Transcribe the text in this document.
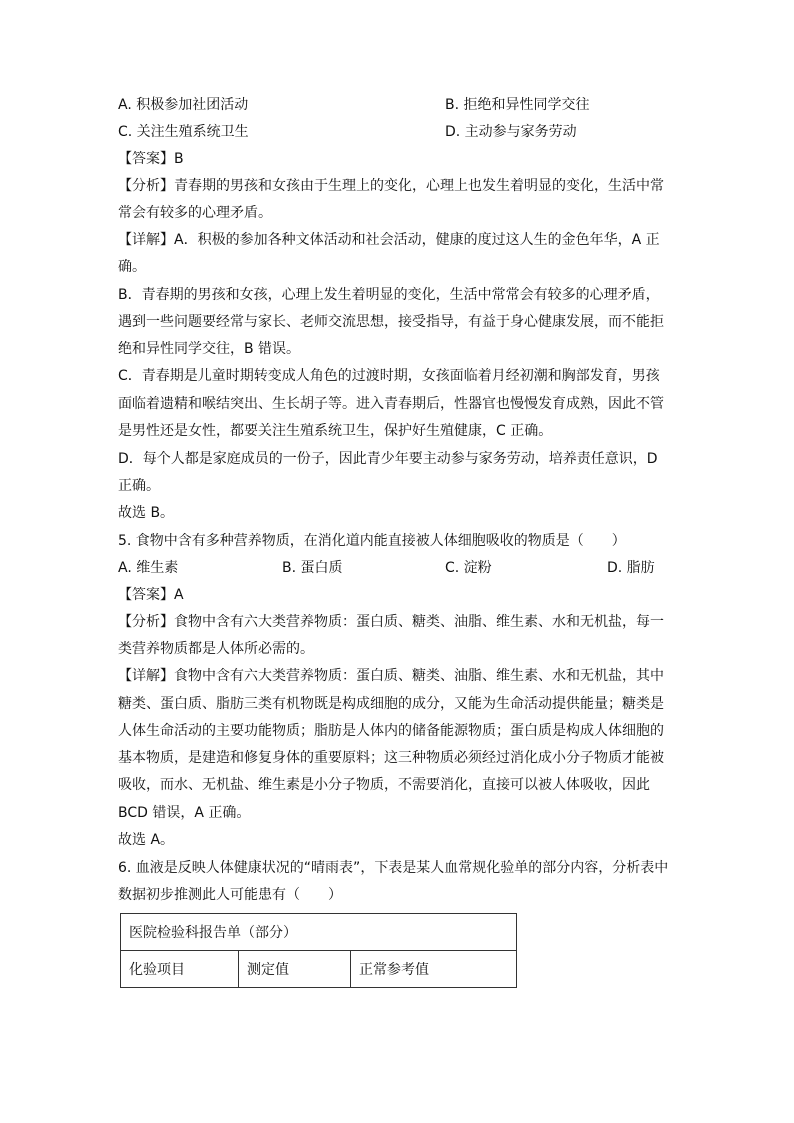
A. 积极参加社团活动	B. 拒绝和异性同学交往
C. 关注生殖系统卫生	D. 主动参与家务劳动
【答案】B
【分析】青春期的男孩和女孩由于生理上的变化，心理上也发生着明显的变化，生活中常
常会有较多的心理矛盾。
【详解】A．积极的参加各种文体活动和社会活动，健康的度过这人生的金色年华，A 正
确。
B．青春期的男孩和女孩，心理上发生着明显的变化，生活中常常会有较多的心理矛盾，
遇到一些问题要经常与家长、老师交流思想，接受指导，有益于身心健康发展，而不能拒
绝和异性同学交往，B 错误。
C．青春期是儿童时期转变成人角色的过渡时期，女孩面临着月经初潮和胸部发育，男孩
面临着遗精和喉结突出、生长胡子等。进入青春期后，性器官也慢慢发育成熟，因此不管
是男性还是女性，都要关注生殖系统卫生，保护好生殖健康，C 正确。
D．每个人都是家庭成员的一份子，因此青少年要主动参与家务劳动，培养责任意识，D
正确。
故选 B。
5. 食物中含有多种营养物质，在消化道内能直接被人体细胞吸收的物质是（　　）
A. 维生素	B. 蛋白质	C. 淀粉	D. 脂肪
【答案】A
【分析】食物中含有六大类营养物质：蛋白质、糖类、油脂、维生素、水和无机盐，每一
类营养物质都是人体所必需的。
【详解】食物中含有六大类营养物质：蛋白质、糖类、油脂、维生素、水和无机盐，其中
糖类、蛋白质、脂肪三类有机物既是构成细胞的成分，又能为生命活动提供能量；糖类是
人体生命活动的主要功能物质；脂肪是人体内的储备能源物质；蛋白质是构成人体细胞的
基本物质，是建造和修复身体的重要原料；这三种物质必须经过消化成小分子物质才能被
吸收，而水、无机盐、维生素是小分子物质，不需要消化，直接可以被人体吸收，因此
BCD 错误，A 正确。
故选 A。
6. 血液是反映人体健康状况的“晴雨表”，下表是某人血常规化验单的部分内容，分析表中
数据初步推测此人可能患有（　　）
医院检验科报告单（部分）
化验项目	测定值	正常参考值
